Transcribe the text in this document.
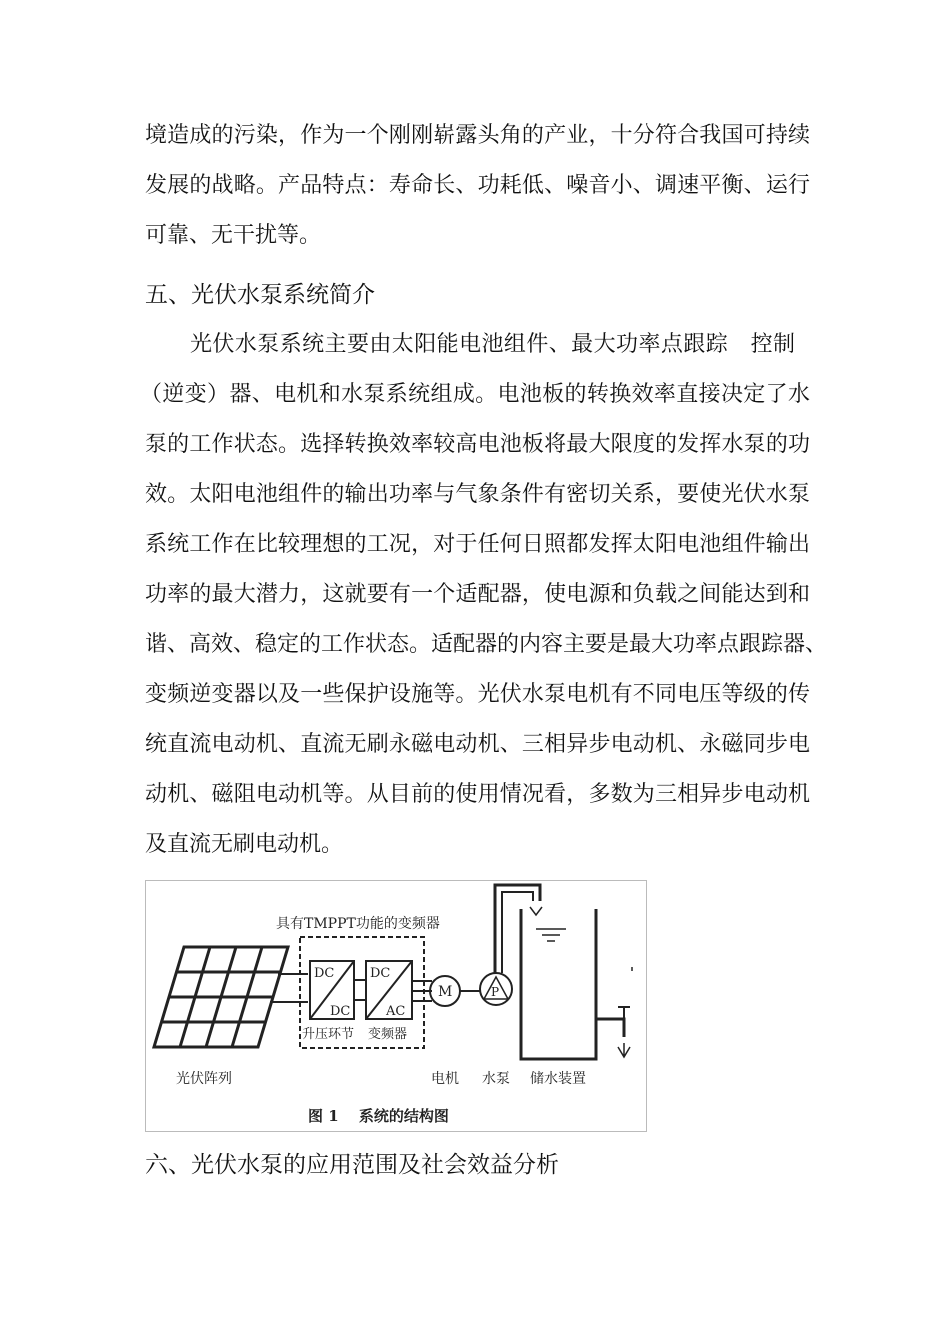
境造成的污染，作为一个刚刚崭露头角的产业，十分符合我国可持续
发展的战略。产品特点：寿命长、功耗低、噪音小、调速平衡、运行
可靠、无干扰等。
五、光伏水泵系统简介
光伏水泵系统主要由太阳能电池组件、最大功率点跟踪　控制
（逆变）器、电机和水泵系统组成。电池板的转换效率直接决定了水
泵的工作状态。选择转换效率较高电池板将最大限度的发挥水泵的功
效。太阳电池组件的输出功率与气象条件有密切关系，要使光伏水泵
系统工作在比较理想的工况，对于任何日照都发挥太阳电池组件输出
功率的最大潜力，这就要有一个适配器，使电源和负载之间能达到和
谐、高效、稳定的工作状态。适配器的内容主要是最大功率点跟踪器、
变频逆变器以及一些保护设施等。光伏水泵电机有不同电压等级的传
统直流电动机、直流无刷永磁电动机、三相异步电动机、永磁同步电
动机、磁阻电动机等。从目前的使用情况看，多数为三相异步电动机
及直流无刷电动机。
具有TMPPT功能的变频器
DC
DC
DC
AC
升压环节 变频器
M	P
光伏阵列	电机 水泵 储水装置
图 1　 系统的结构图
六、光伏水泵的应用范围及社会效益分析
